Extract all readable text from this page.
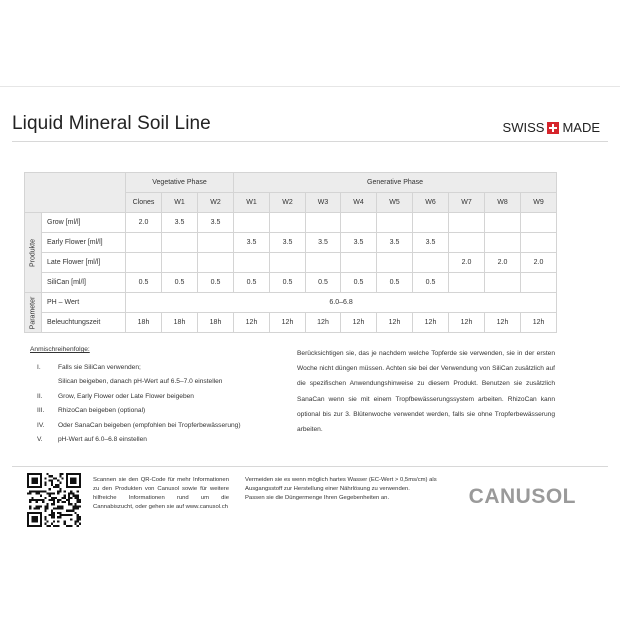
Liquid Mineral Soil Line	SWISS MADE
		Vegetative Phase			Generative Phase								
		Clones	W1	W2	W1	W2	W3	W4	W5	W6	W7	W8	W9

Produkte	Grow [ml/l]	2.0	3.5	3.5									
	Early Flower [ml/l]				3.5	3.5	3.5	3.5	3.5	3.5			
	Late Flower [ml/l]										2.0	2.0	2.0
	SiliCan [ml/l]	0.5	0.5	0.5	0.5	0.5	0.5	0.5	0.5	0.5			

Parameter	PH – Wert	6.0–6.8											
	Beleuchtungszeit	18h	18h	18h	12h	12h	12h	12h	12h	12h	12h	12h	12h
Anmischreihenfolge:
I.	Falls sie SiliCan verwenden;
Silican beigeben, danach pH-Wert auf 6.5–7.0 einstellen
II.	Grow, Early Flower oder Late Flower beigeben
III.	RhizoCan beigeben (optional)
IV.	Oder SanaCan beigeben (empfohlen bei Tropferbewässerung)
V.	pH-Wert auf 6.0–6.8 einstellen
Berücksichtigen sie, das je nachdem welche Topferde sie verwenden, sie in der ersten Woche nicht düngen müssen. Achten sie bei der Verwendung von SiliCan zusätzlich auf die spezifischen Anwendungshinweise zu diesem Produkt. Benutzen sie zusätzlich SanaCan wenn sie mit einem Tropfbewässerungssystem arbeiten. RhizoCan kann optional bis zur 3. Blütenwoche verwendet werden, falls sie ohne Tropferbewässerung arbeiten.
Scannen sie den QR-Code für mehr Informationen zu den Produkten von Canusol sowie für weitere hilfreiche Informationen rund um die Cannabiszucht, oder gehen sie auf www.canusol.ch
Vermeiden sie es wenn möglich hartes Wasser (EC-Wert > 0,5ms/cm) als Ausgangsstoff zur Herstellung einer Nährlösung zu verwenden.
Passen sie die Düngermenge Ihren Gegebenheiten an.	CANUSOL
